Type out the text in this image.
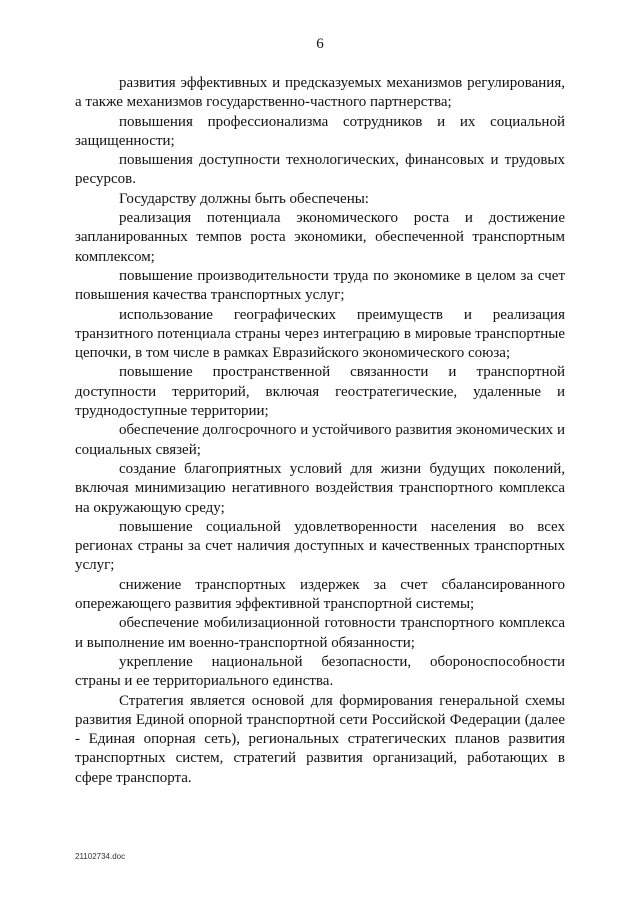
6

развития эффективных и предсказуемых механизмов регулирования, а также механизмов государственно-частного партнерства;

повышения профессионализма сотрудников и их социальной защищенности;

повышения доступности технологических, финансовых и трудовых ресурсов.

Государству должны быть обеспечены:

реализация потенциала экономического роста и достижение запланированных темпов роста экономики, обеспеченной транспортным комплексом;

повышение производительности труда по экономике в целом за счет повышения качества транспортных услуг;

использование географических преимуществ и реализация транзитного потенциала страны через интеграцию в мировые транспортные цепочки, в том числе в рамках Евразийского экономического союза;

повышение пространственной связанности и транспортной доступности территорий, включая геостратегические, удаленные и труднодоступные территории;

обеспечение долгосрочного и устойчивого развития экономических и социальных связей;

создание благоприятных условий для жизни будущих поколений, включая минимизацию негативного воздействия транспортного комплекса на окружающую среду;

повышение социальной удовлетворенности населения во всех регионах страны за счет наличия доступных и качественных транспортных услуг;

снижение транспортных издержек за счет сбалансированного опережающего развития эффективной транспортной системы;

обеспечение мобилизационной готовности транспортного комплекса и выполнение им военно-транспортной обязанности;

укрепление национальной безопасности, обороноспособности страны и ее территориального единства.

Стратегия является основой для формирования генеральной схемы развития Единой опорной транспортной сети Российской Федерации (далее - Единая опорная сеть), региональных стратегических планов развития транспортных систем, стратегий развития организаций, работающих в сфере транспорта.

21102734.doc
